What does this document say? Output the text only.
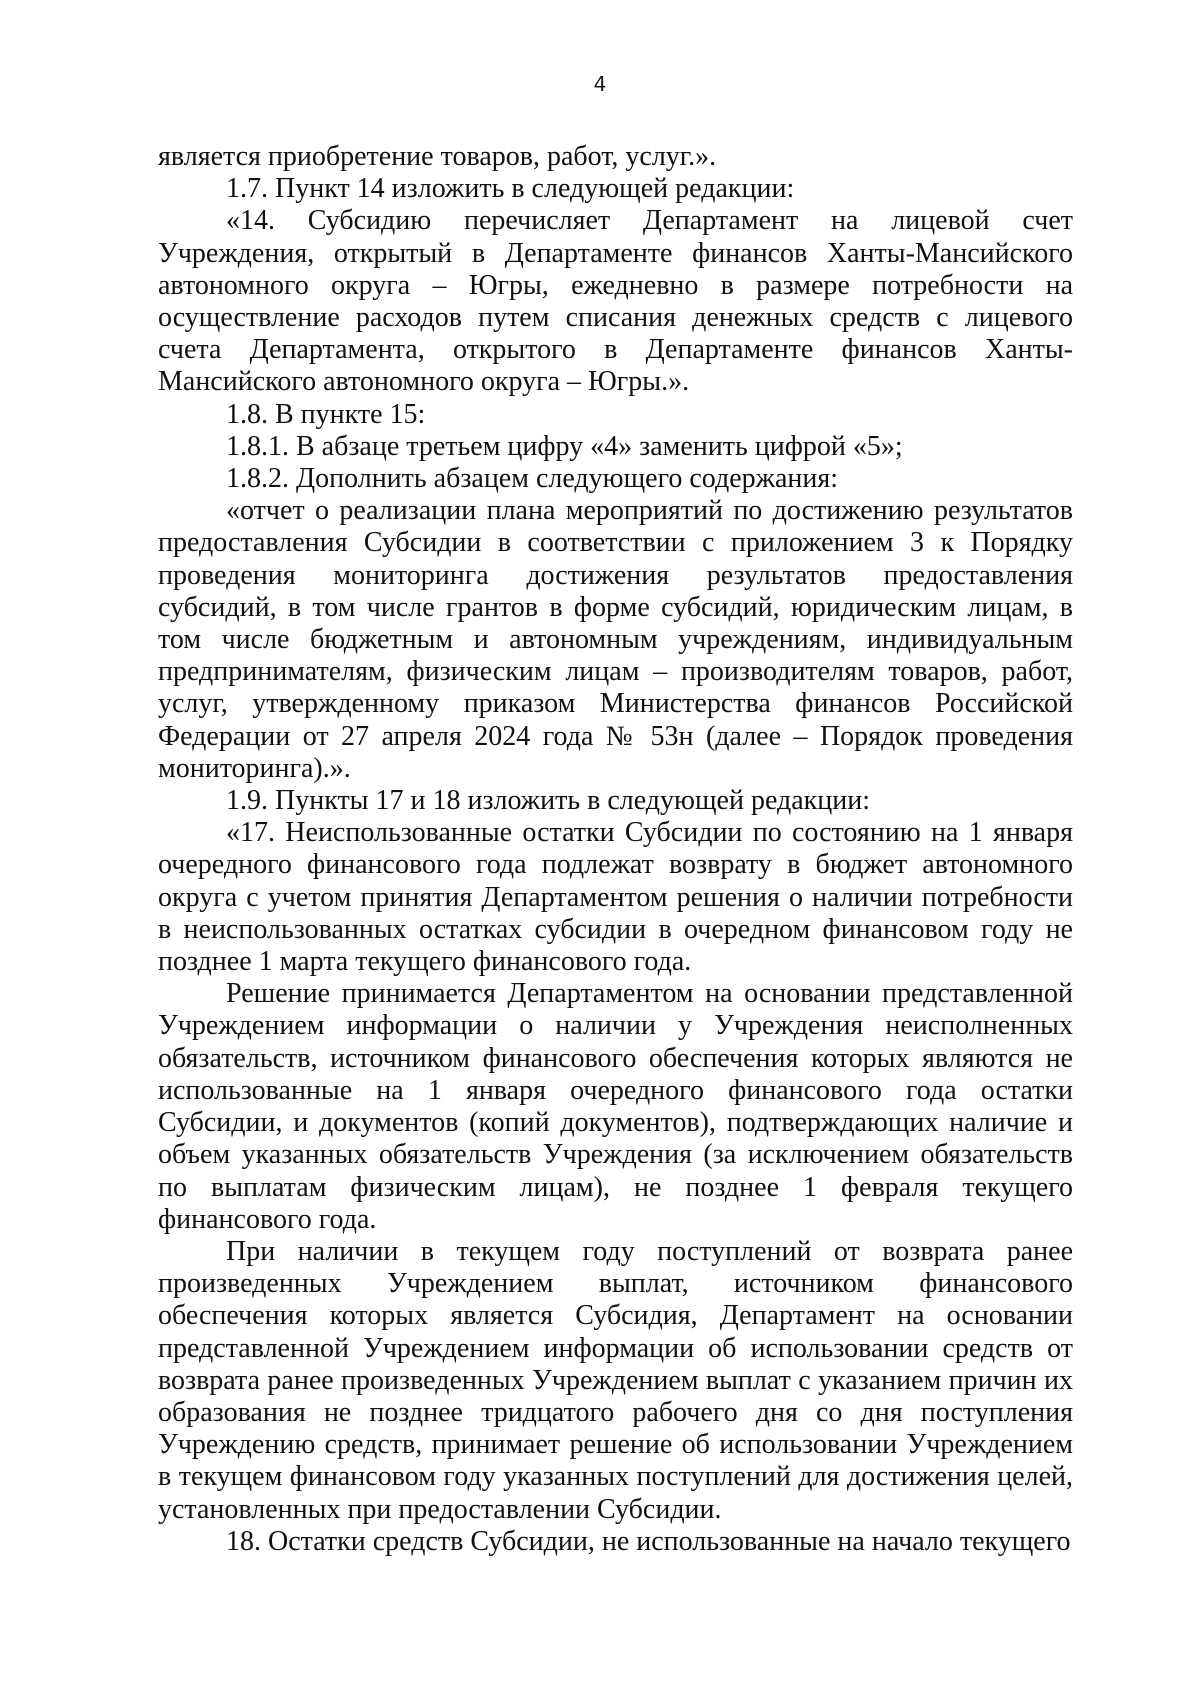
4

является приобретение товаров, работ, услуг.».

1.7. Пункт 14 изложить в следующей редакции:

«14. Субсидию перечисляет Департамент на лицевой счет Учреждения, открытый в Департаменте финансов Ханты-Мансийского автономного округа – Югры, ежедневно в размере потребности на осуществление расходов путем списания денежных средств с лицевого счета Департамента, открытого в Департаменте финансов Ханты-Мансийского автономного округа – Югры.».

1.8. В пункте 15:

1.8.1. В абзаце третьем цифру «4» заменить цифрой «5»;

1.8.2. Дополнить абзацем следующего содержания:

«отчет о реализации плана мероприятий по достижению результатов предоставления Субсидии в соответствии с приложением 3 к Порядку проведения мониторинга достижения результатов предоставления субсидий, в том числе грантов в форме субсидий, юридическим лицам, в том числе бюджетным и автономным учреждениям, индивидуальным предпринимателям, физическим лицам – производителям товаров, работ, услуг, утвержденному приказом Министерства финансов Российской Федерации от 27 апреля 2024 года № 53н (далее – Порядок проведения мониторинга).».

1.9. Пункты 17 и 18 изложить в следующей редакции:

«17. Неиспользованные остатки Субсидии по состоянию на 1 января очередного финансового года подлежат возврату в бюджет автономного округа с учетом принятия Департаментом решения о наличии потребности в неиспользованных остатках субсидии в очередном финансовом году не позднее 1 марта текущего финансового года.

Решение принимается Департаментом на основании представленной Учреждением информации о наличии у Учреждения неисполненных обязательств, источником финансового обеспечения которых являются не использованные на 1 января очередного финансового года остатки Субсидии, и документов (копий документов), подтверждающих наличие и объем указанных обязательств Учреждения (за исключением обязательств по выплатам физическим лицам), не позднее 1 февраля текущего финансового года.

При наличии в текущем году поступлений от возврата ранее произведенных Учреждением выплат, источником финансового обеспечения которых является Субсидия, Департамент на основании представленной Учреждением информации об использовании средств от возврата ранее произведенных Учреждением выплат с указанием причин их образования не позднее тридцатого рабочего дня со дня поступления Учреждению средств, принимает решение об использовании Учреждением в текущем финансовом году указанных поступлений для достижения целей, установленных при предоставлении Субсидии.

18. Остатки средств Субсидии, не использованные на начало текущего
